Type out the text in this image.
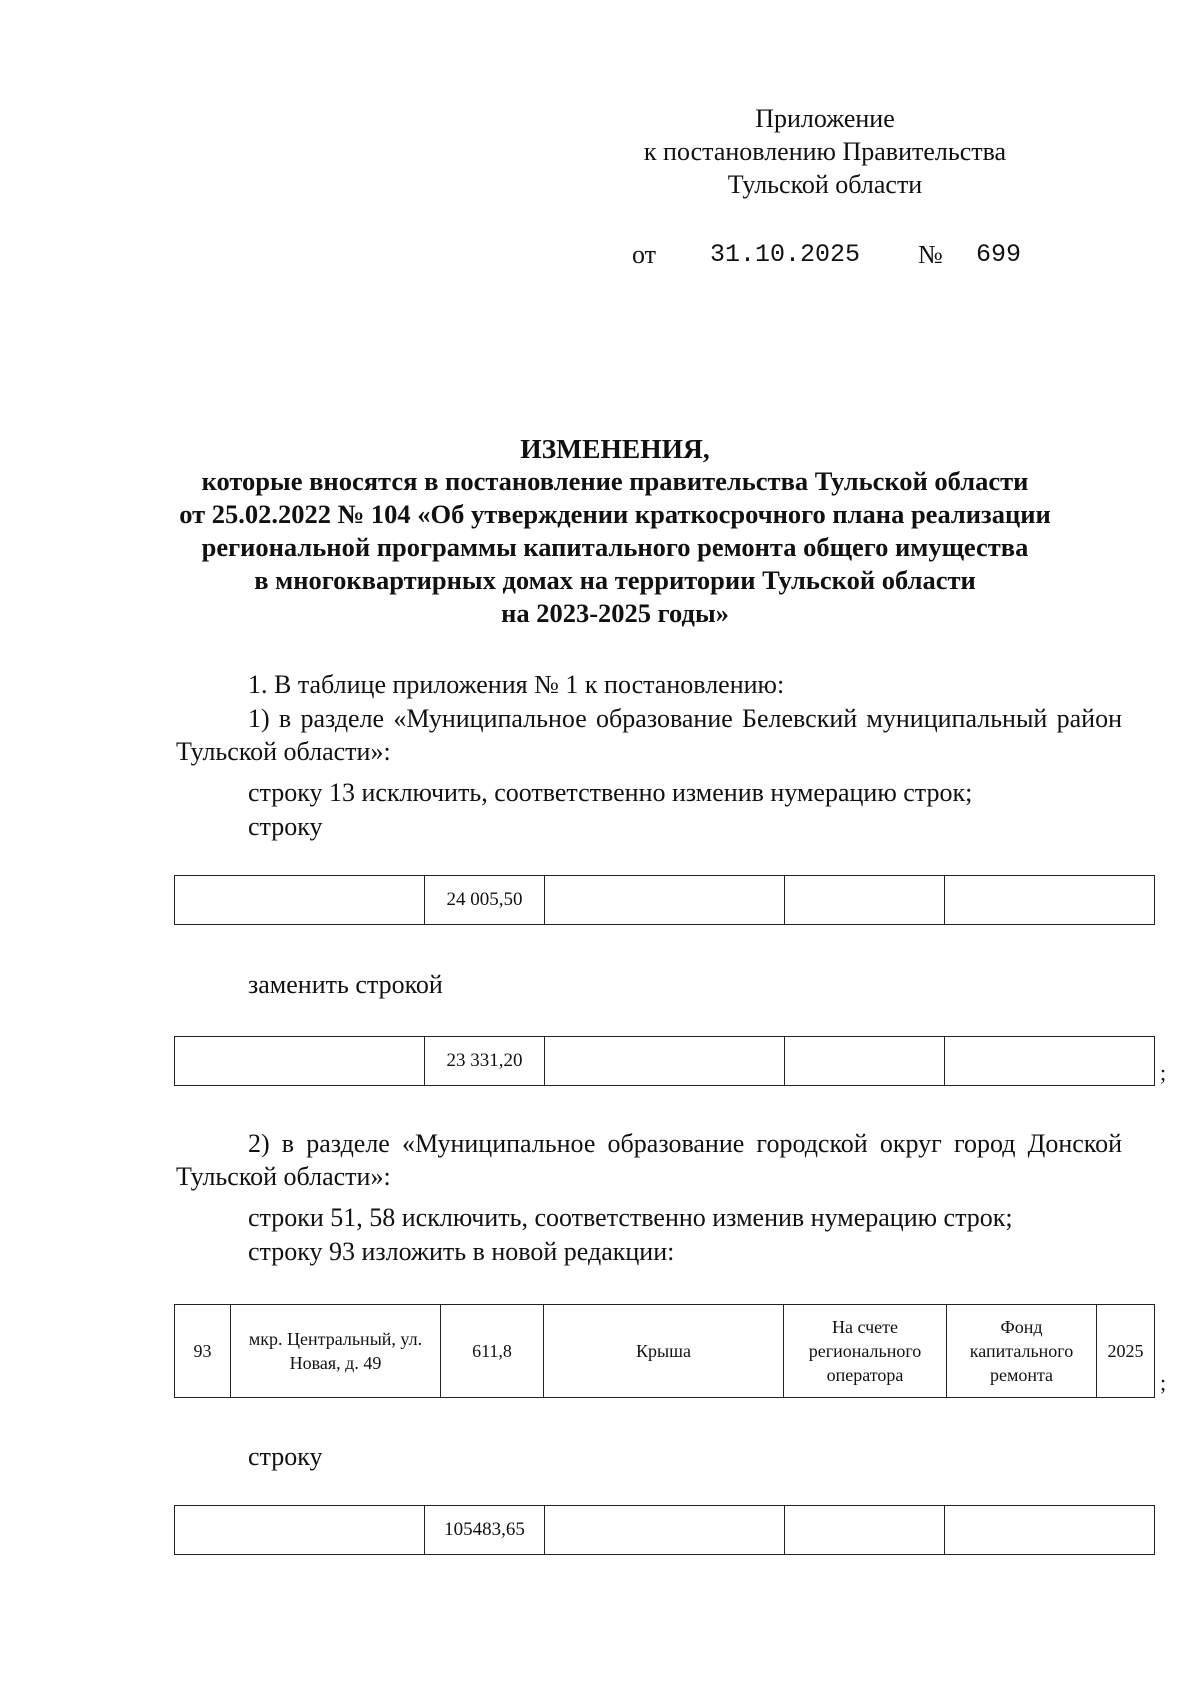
Приложение
к постановлению Правительства
Тульской области
от 31.10.2025 № 699
ИЗМЕНЕНИЯ,
которые вносятся в постановление правительства Тульской области
от 25.02.2022 № 104 «Об утверждении краткосрочного плана реализации
региональной программы капитального ремонта общего имущества
в многоквартирных домах на территории Тульской области
на 2023-2025 годы»
1. В таблице приложения № 1 к постановлению:
1) в разделе «Муниципальное образование Белевский муниципальный район Тульской области»:
строку 13 исключить, соответственно изменив нумерацию строк;
строку
	24 005,50			
заменить строкой
	23 331,20				;
2) в разделе «Муниципальное образование городской округ город Донской Тульской области»:
строки 51, 58 исключить, соответственно изменив нумерацию строк;
строку 93 изложить в новой редакции:
93	мкр. Центральный, ул. Новая, д. 49	611,8	Крыша	На счете регионального оператора	Фонд капитального ремонта	2025
;
строку
	105483,65			
